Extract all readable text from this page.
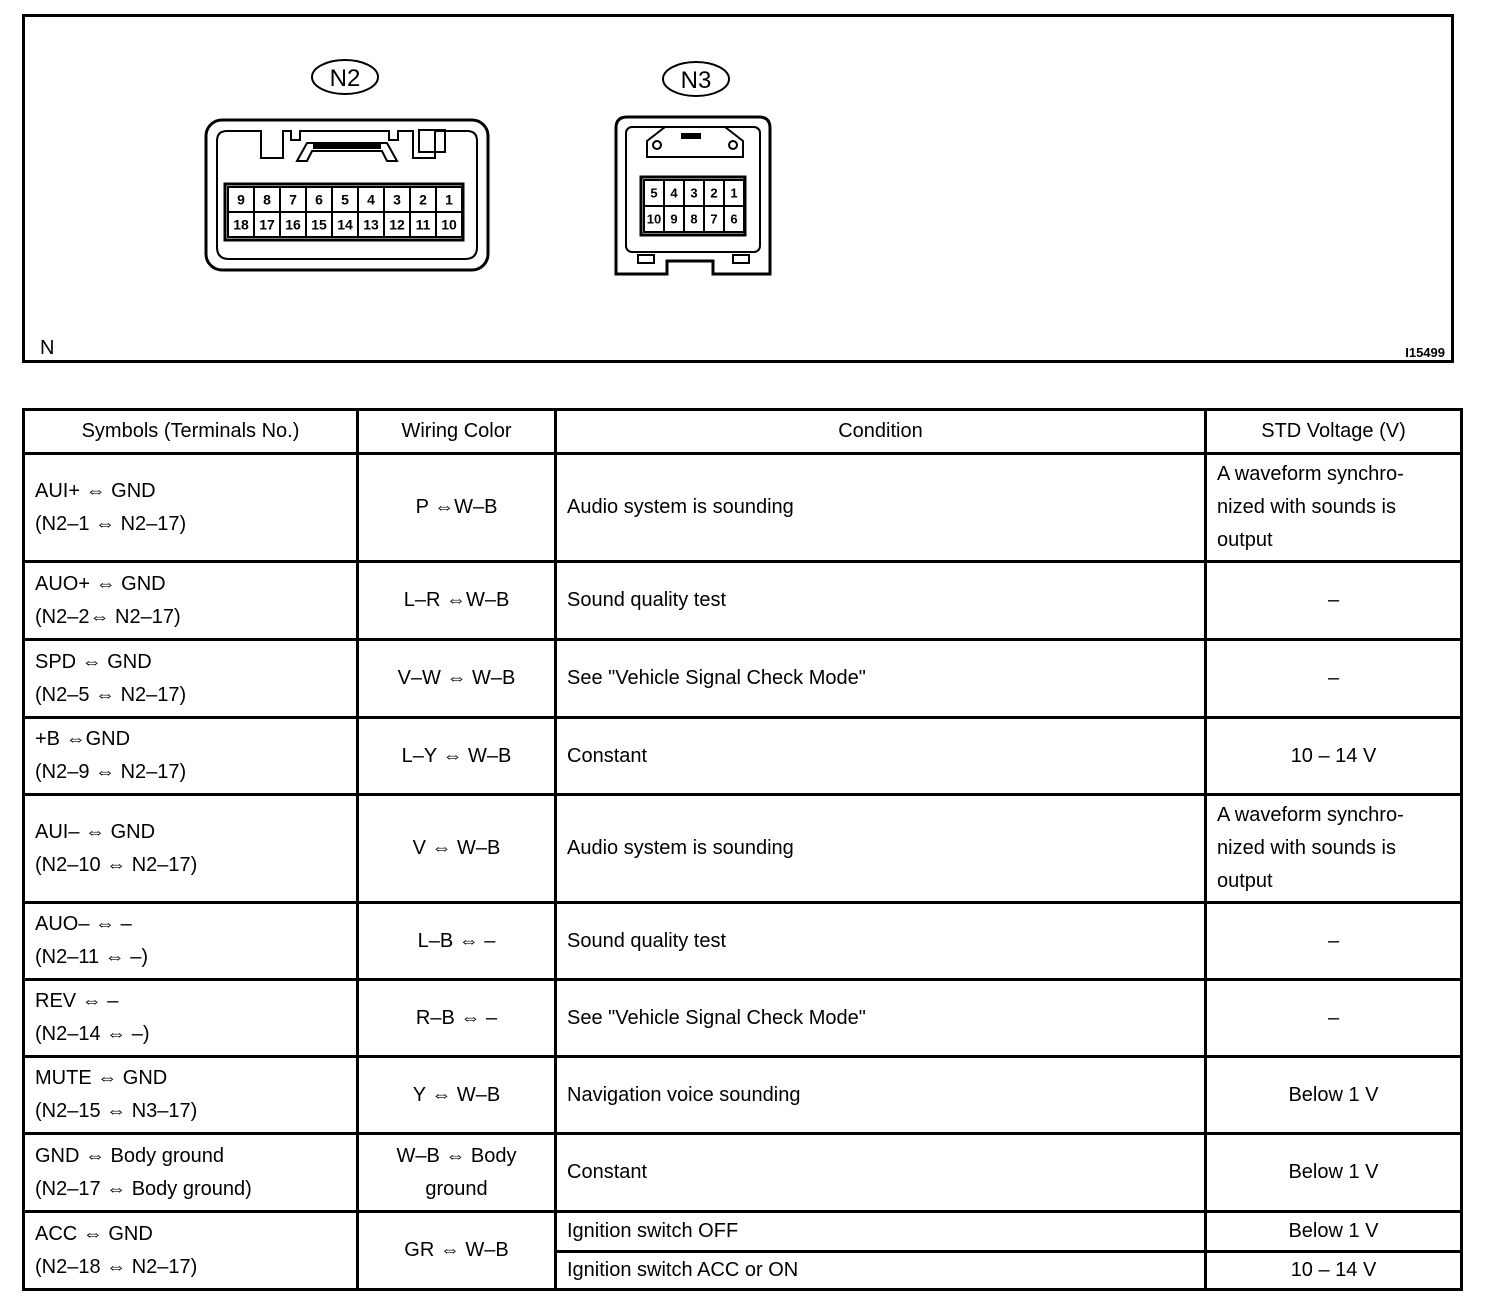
N2
9 8 7 6 5 4 3 2 1
18 17 16 15 14 13 12 11 10
N3
5 4 3 2 1
10 9 8 7 6
N	I15499
Symbols (Terminals No.)	Wiring Color	Condition	STD Voltage (V)

AUI+ ⇔ GND
(N2–1 ⇔ N2–17)	P ⇔W–B	Audio system is sounding	A waveform synchro-nized with sounds is output

AUO+ ⇔ GND
(N2–2⇔ N2–17)	L–R ⇔W–B	Sound quality test	–

SPD ⇔ GND
(N2–5 ⇔ N2–17)	V–W ⇔ W–B	See "Vehicle Signal Check Mode"	–

+B ⇔GND
(N2–9 ⇔ N2–17)	L–Y ⇔ W–B	Constant	10 – 14 V

AUI– ⇔ GND
(N2–10 ⇔ N2–17)	V ⇔ W–B	Audio system is sounding	A waveform synchro-nized with sounds is output

AUO– ⇔ –
(N2–11 ⇔ –)	L–B ⇔ –	Sound quality test	–

REV ⇔ –
(N2–14 ⇔ –)	R–B ⇔ –	See "Vehicle Signal Check Mode"	–

MUTE ⇔ GND
(N2–15 ⇔ N3–17)	Y ⇔ W–B	Navigation voice sounding	Below 1 V

GND ⇔ Body ground
(N2–17 ⇔ Body ground)	W–B ⇔ Body ground	Constant	Below 1 V

ACC ⇔ GND
(N2–18 ⇔ N2–17)	GR ⇔ W–B	Ignition switch OFF	Below 1 V
		Ignition switch ACC or ON	10 – 14 V
